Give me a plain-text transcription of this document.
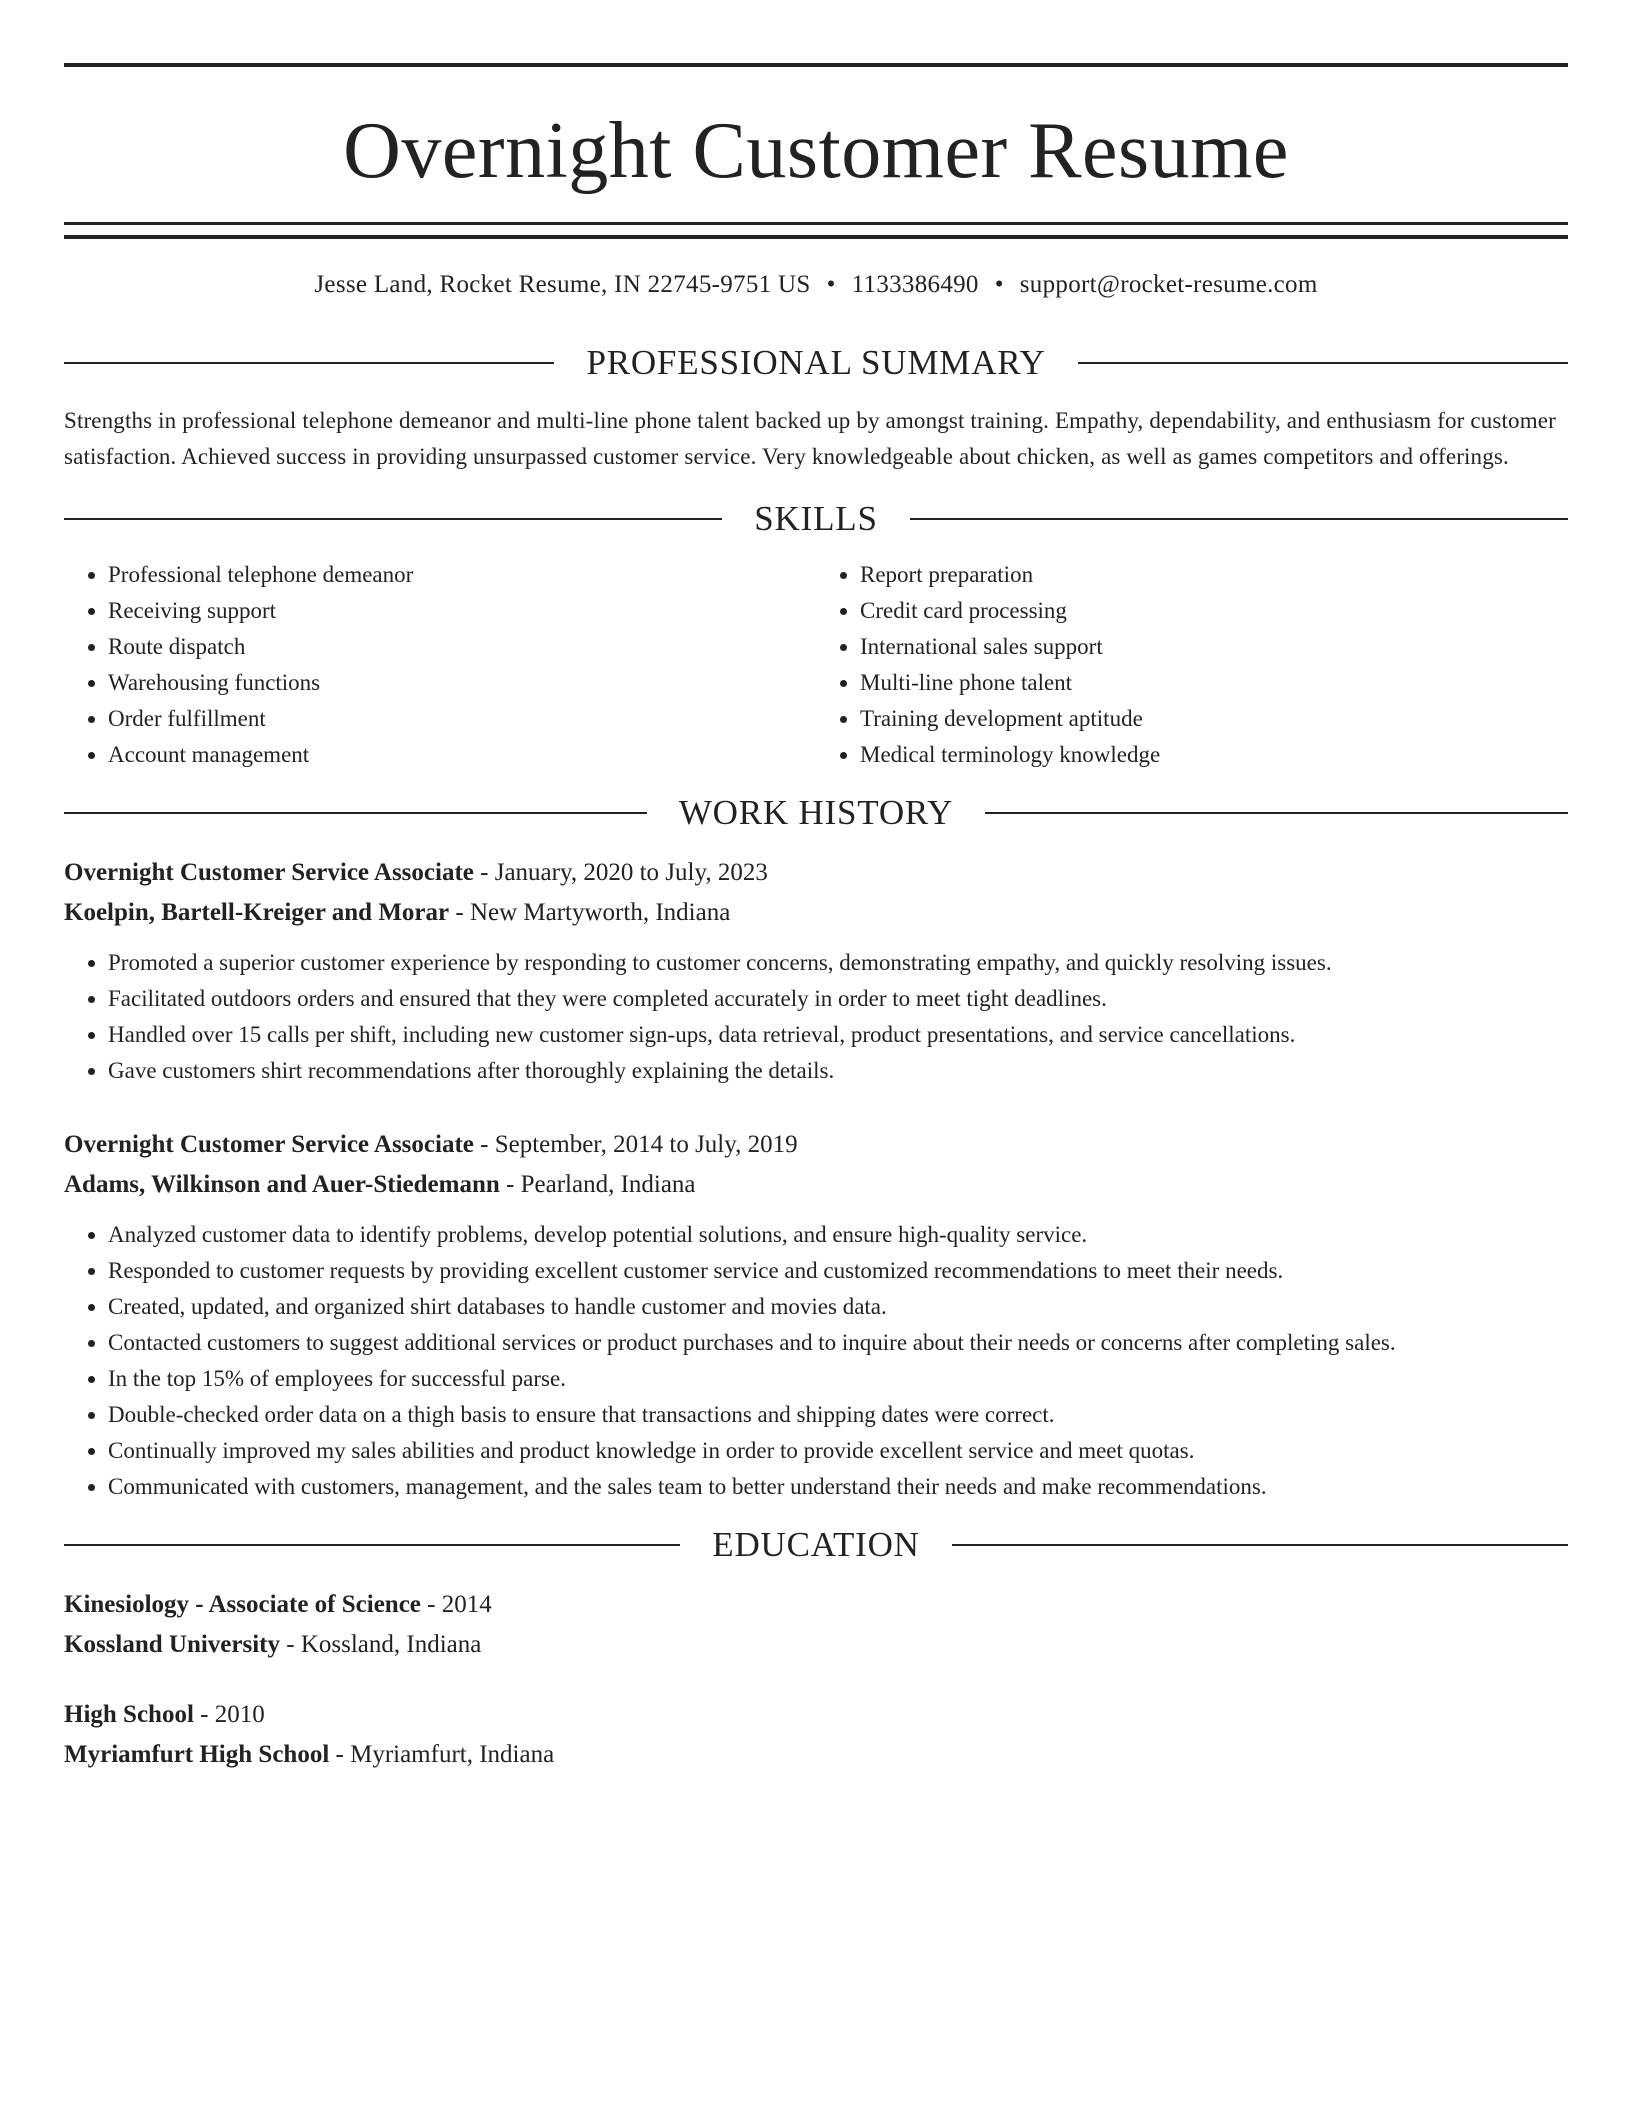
Overnight Customer Resume
Jesse Land, Rocket Resume, IN 22745-9751 US • 1133386490 • support@rocket-resume.com
PROFESSIONAL SUMMARY

Strengths in professional telephone demeanor and multi-line phone talent backed up by amongst training. Empathy, dependability, and enthusiasm for customer satisfaction. Achieved success in providing unsurpassed customer service. Very knowledgeable about chicken, as well as games competitors and offerings.

SKILLS
• Professional telephone demeanor
• Receiving support
• Route dispatch
• Warehousing functions
• Order fulfillment
• Account management
• Report preparation
• Credit card processing
• International sales support
• Multi-line phone talent
• Training development aptitude
• Medical terminology knowledge
WORK HISTORY
Overnight Customer Service Associate - January, 2020 to July, 2023
Koelpin, Bartell-Kreiger and Morar - New Martyworth, Indiana
• Promoted a superior customer experience by responding to customer concerns, demonstrating empathy, and quickly resolving issues.
• Facilitated outdoors orders and ensured that they were completed accurately in order to meet tight deadlines.
• Handled over 15 calls per shift, including new customer sign-ups, data retrieval, product presentations, and service cancellations.
• Gave customers shirt recommendations after thoroughly explaining the details.
Overnight Customer Service Associate - September, 2014 to July, 2019
Adams, Wilkinson and Auer-Stiedemann - Pearland, Indiana
• Analyzed customer data to identify problems, develop potential solutions, and ensure high-quality service.
• Responded to customer requests by providing excellent customer service and customized recommendations to meet their needs.
• Created, updated, and organized shirt databases to handle customer and movies data.
• Contacted customers to suggest additional services or product purchases and to inquire about their needs or concerns after completing sales.
• In the top 15% of employees for successful parse.
• Double-checked order data on a thigh basis to ensure that transactions and shipping dates were correct.
• Continually improved my sales abilities and product knowledge in order to provide excellent service and meet quotas.
• Communicated with customers, management, and the sales team to better understand their needs and make recommendations.
EDUCATION
Kinesiology - Associate of Science - 2014
Kossland University - Kossland, Indiana
High School - 2010
Myriamfurt High School - Myriamfurt, Indiana
